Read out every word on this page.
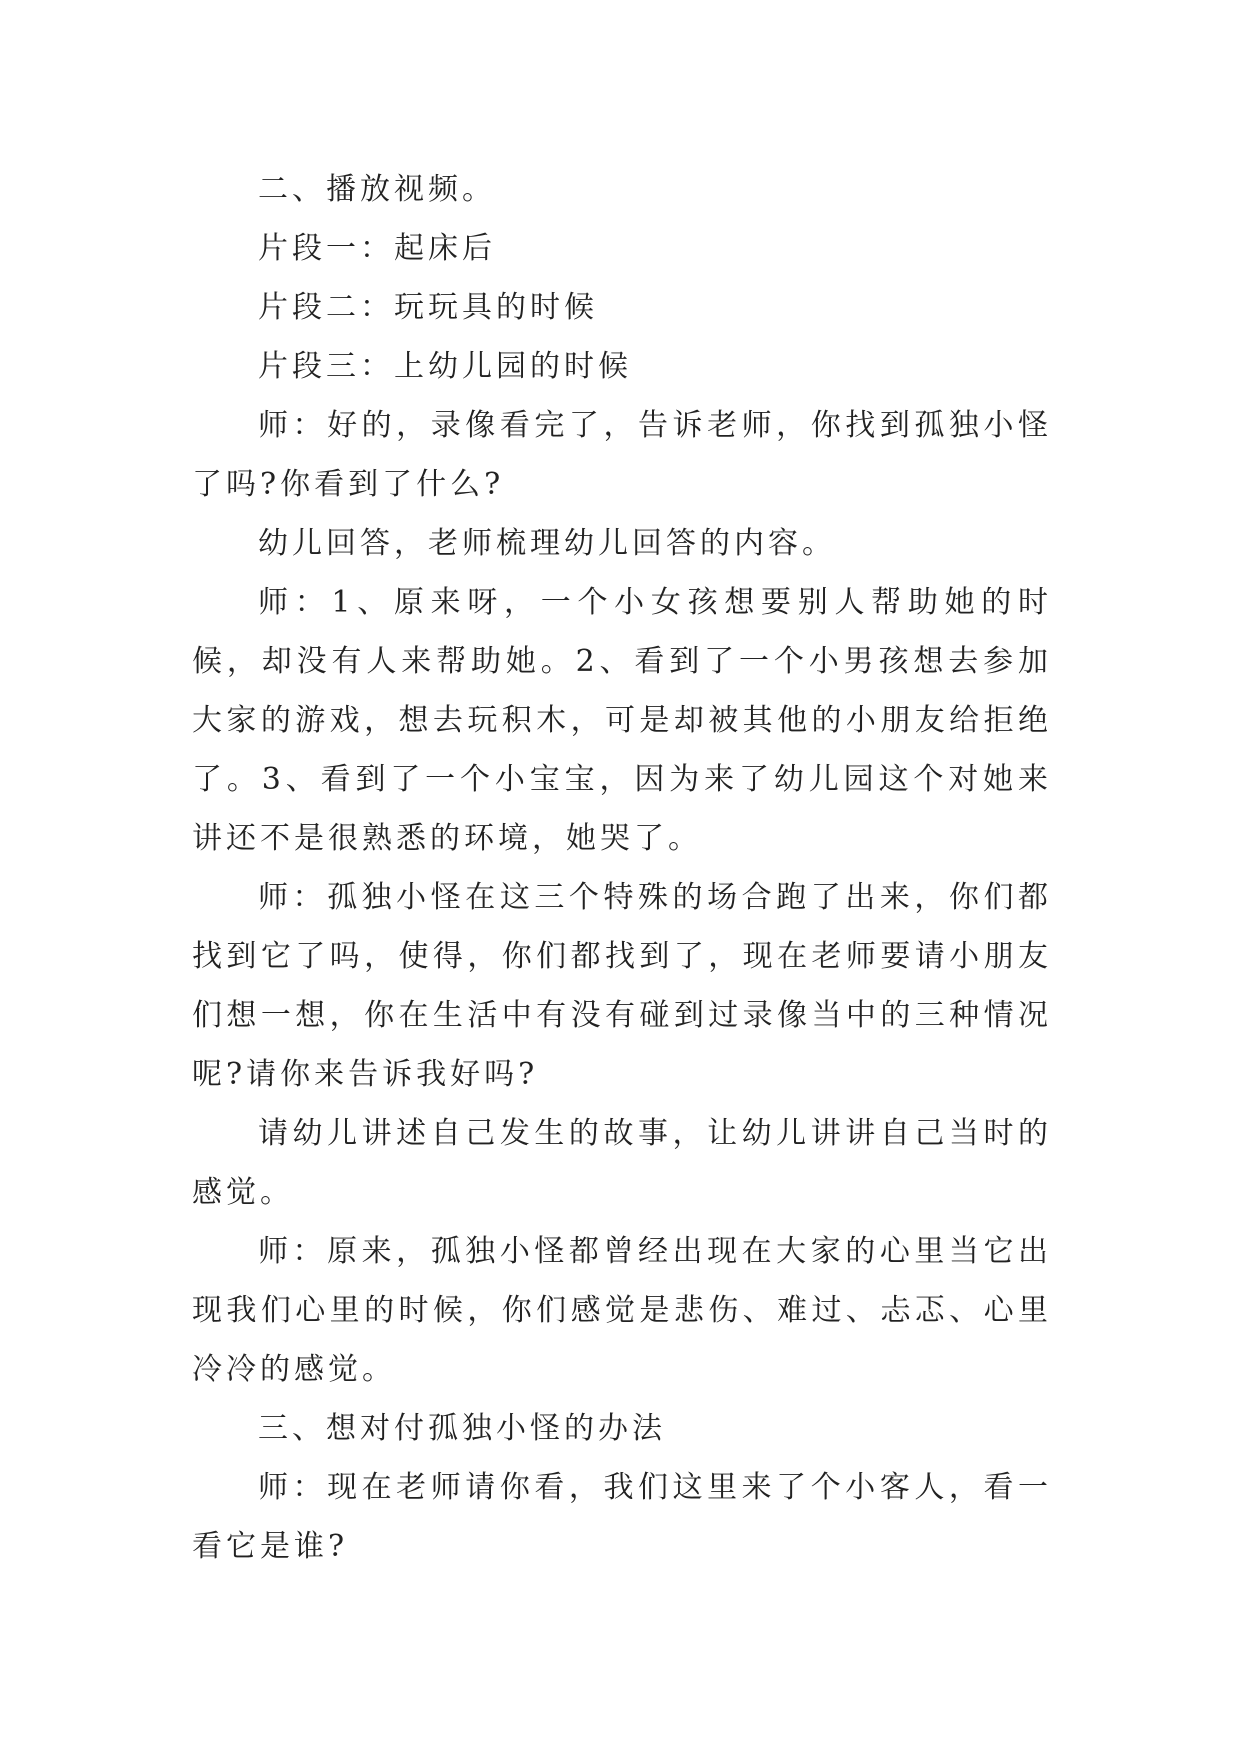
二、播放视频。

片段一：起床后

片段二：玩玩具的时候

片段三：上幼儿园的时候

师：好的，录像看完了，告诉老师，你找到孤独小怪了吗?你看到了什么?

幼儿回答，老师梳理幼儿回答的内容。

师：1、原来呀，一个小女孩想要别人帮助她的时候，却没有人来帮助她。2、看到了一个小男孩想去参加大家的游戏，想去玩积木，可是却被其他的小朋友给拒绝了。3、看到了一个小宝宝，因为来了幼儿园这个对她来讲还不是很熟悉的环境，她哭了。

师：孤独小怪在这三个特殊的场合跑了出来，你们都找到它了吗，使得，你们都找到了，现在老师要请小朋友们想一想，你在生活中有没有碰到过录像当中的三种情况呢?请你来告诉我好吗?

请幼儿讲述自己发生的故事，让幼儿讲讲自己当时的感觉。

师：原来，孤独小怪都曾经出现在大家的心里当它出现我们心里的时候，你们感觉是悲伤、难过、忐忑、心里冷冷的感觉。

三、想对付孤独小怪的办法

师：现在老师请你看，我们这里来了个小客人，看一看它是谁?
